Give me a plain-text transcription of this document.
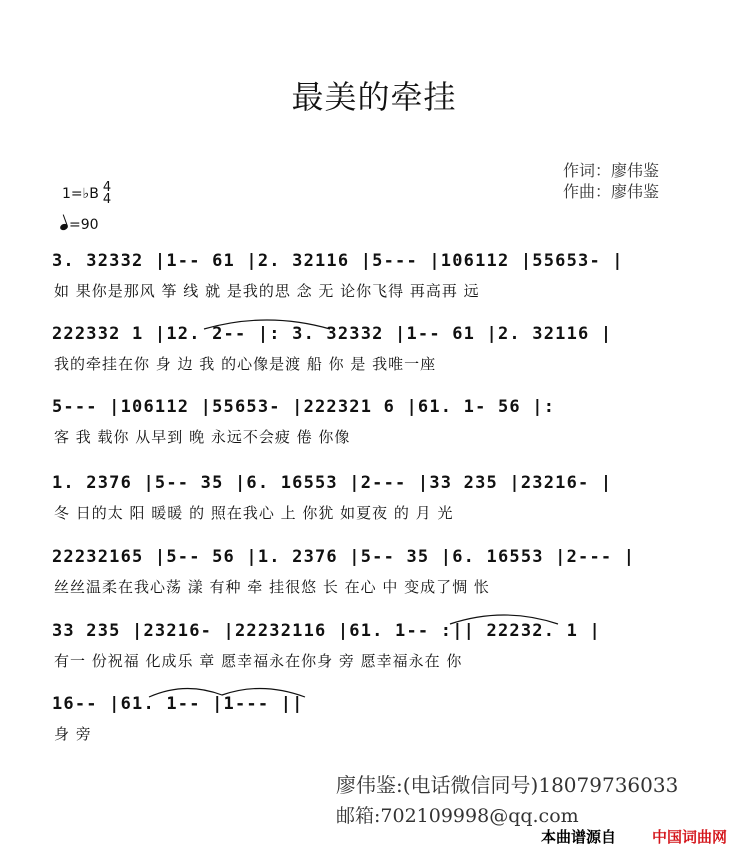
最美的牵挂
作词：廖伟鉴
作曲：廖伟鉴
1=♭B 4
4
=90
3. 32332 |1-- 61 |2. 32116 |5--- |106112 |55653- |
如 果你是那风 筝 线 就 是我的思 念 无 论你飞得 再高再 远
222332 1 |12. 2-- |: 3. 32332 |1-- 61 |2. 32116 |
我的牵挂在你 身 边 我 的心像是渡 船 你 是 我唯一座
5--- |106112 |55653- |222321 6 |61. 1- 56 |:
客 我 载你 从早到 晚 永远不会疲 倦 你像
1. 2376 |5-- 35 |6. 16553 |2--- |33 235 |23216- |
冬 日的太 阳 暖暖 的 照在我心 上 你犹 如夏夜 的 月 光
22232165 |5-- 56 |1. 2376 |5-- 35 |6. 16553 |2--- |
丝丝温柔在我心荡 漾 有种 牵 挂很悠 长 在心 中 变成了惆 怅
33 235 |23216- |22232116 |61. 1-- :|| 22232. 1 |
有一 份祝福 化成乐 章 愿幸福永在你身 旁 愿幸福永在 你
16-- |61. 1-- |1--- ||
身 旁
廖伟鉴:(电话微信同号)18079736033
邮箱:702109998@qq.com
本曲谱源自 中国词曲网
